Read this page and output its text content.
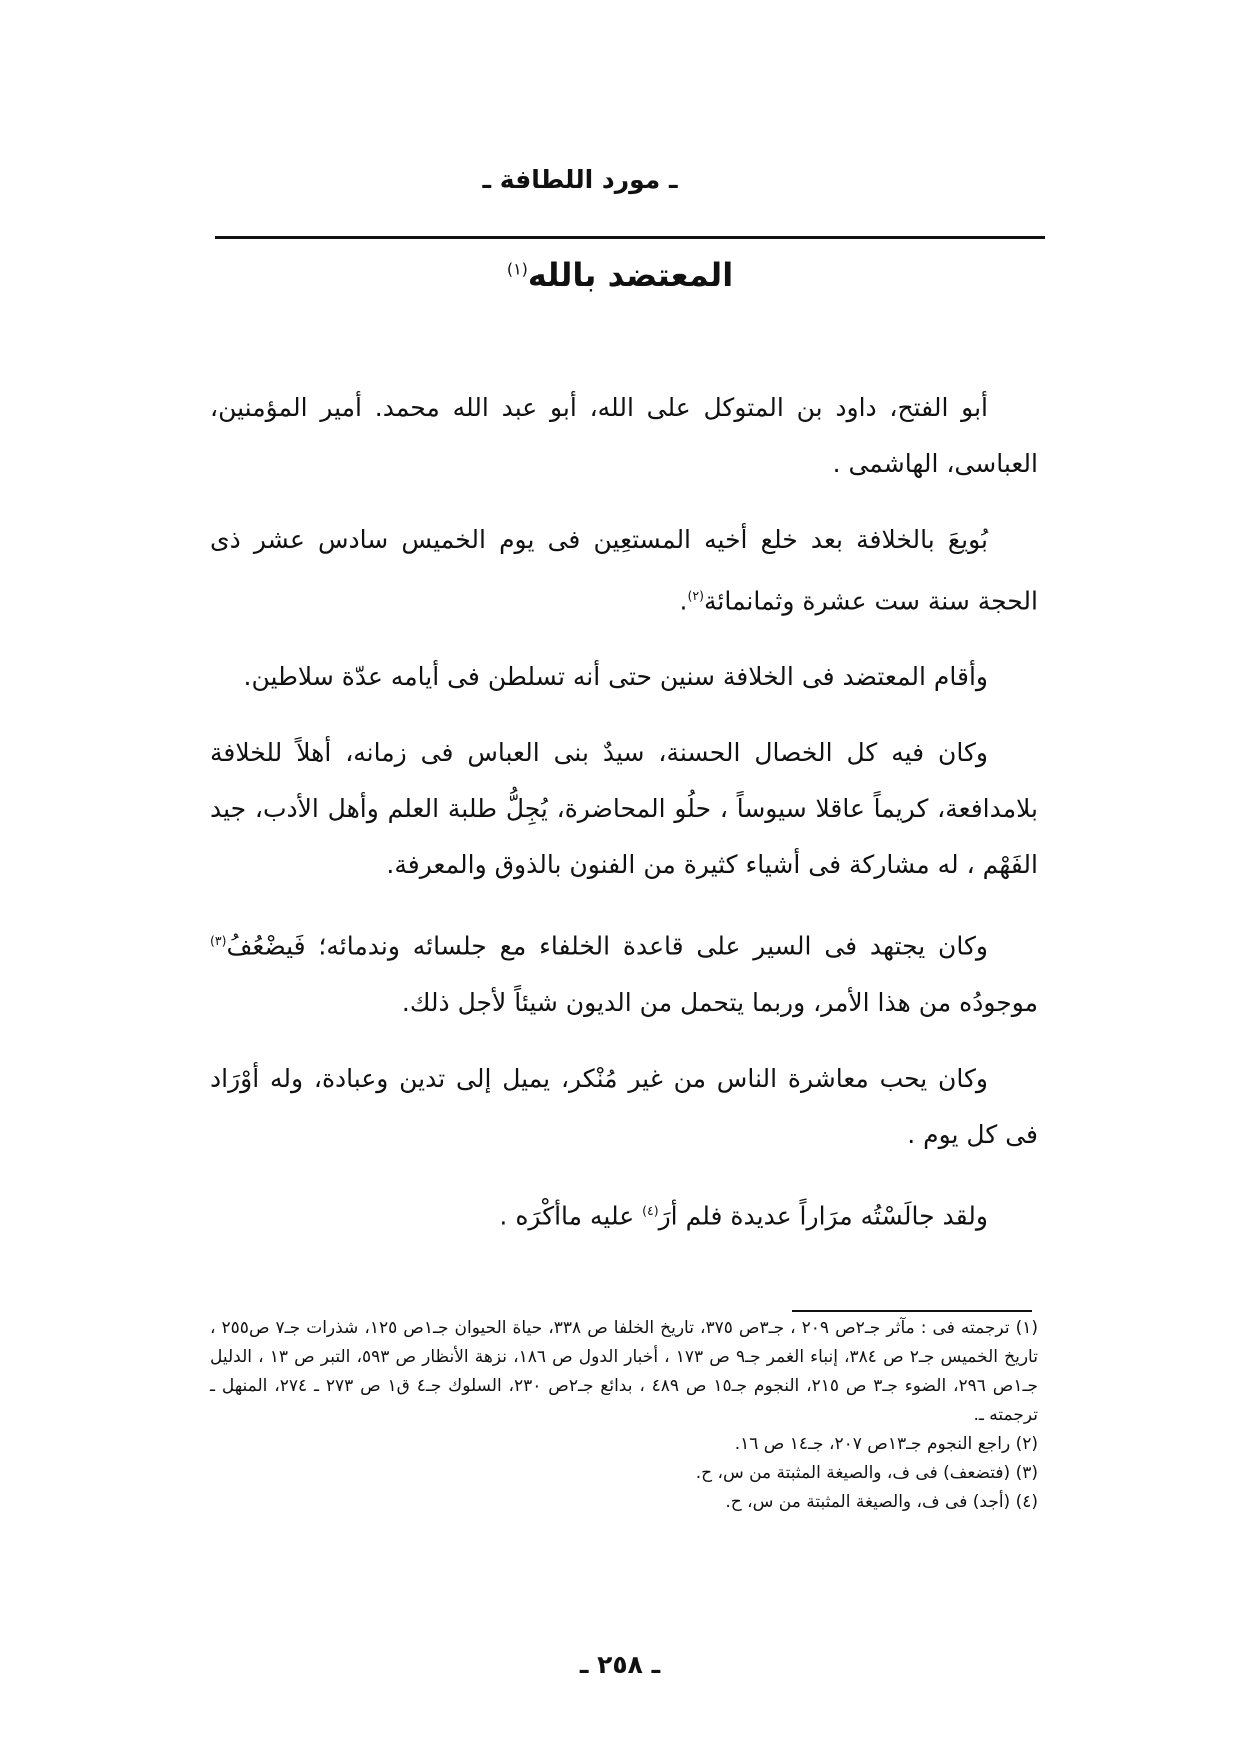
ـ مورد اللطافة ـ
المعتضد بالله$^{(١)}$

أبو الفتح، داود بن المتوكل على الله، أبو عبد الله محمد. أمير المؤمنين، العباسى، الهاشمى .

بُويعَ بالخلافة بعد خلع أخيه المستعِين فى يوم الخميس سادس عشر ذى الحجة سنة ست عشرة وثمانمائة$^{(٢)}$.

وأقام المعتضد فى الخلافة سنين حتى أنه تسلطن فى أيامه عدّة سلاطين.

وكان فيه كل الخصال الحسنة، سيدٌ بنى العباس فى زمانه، أهلاً للخلافة بلامدافعة، كريماً عاقلا سيوساً ، حلُو المحاضرة، يُجِلُّ طلبة العلم وأهل الأدب، جيد الفَهْم ، له مشاركة فى أشياء كثيرة من الفنون بالذوق والمعرفة.

وكان يجتهد فى السير على قاعدة الخلفاء مع جلسائه وندمائه؛ فَيضْعُفُ$^{(٣)}$ موجودُه من هذا الأمر، وربما يتحمل من الديون شيئاً لأجل ذلك.

وكان يحب معاشرة الناس من غير مُنْكر، يميل إلى تدين وعبادة، وله أوْرَاد فى كل يوم .

ولقد جالَسْتُه مرَاراً عديدة فلم أرَ$^{(٤)}$ عليه ماأكْرَه .

(١) ترجمته فى : مآثر جـ٢ص ٢٠٩ ، جـ٣ص ٣٧٥، تاريخ الخلفا ص ٣٣٨، حياة الحيوان جـ١ص ١٢٥، شذرات جـ٧ ص٢٥٥ ، تاريخ الخميس جـ٢ ص ٣٨٤، إنباء الغمر جـ٩ ص ١٧٣ ، أخبار الدول ص ١٨٦، نزهة الأنظار ص ٥٩٣، التبر ص ١٣ ، الدليل جـ١ص ٢٩٦، الضوء جـ٣ ص ٢١٥، النجوم جـ١٥ ص ٤٨٩ ، بدائع جـ٢ص ٢٣٠، السلوك جـ٤ ق١ ص ٢٧٣ ـ ٢٧٤، المنهل ـ ترجمته ـ.

(٢) راجع النجوم جـ١٣ص ٢٠٧، جـ١٤ ص ١٦.

(٣) (فتضعف) فى ف، والصيغة المثبتة من س، ح.

(٤) (أجد) فى ف، والصيغة المثبتة من س، ح.

ـ ٢٥٨ ـ
